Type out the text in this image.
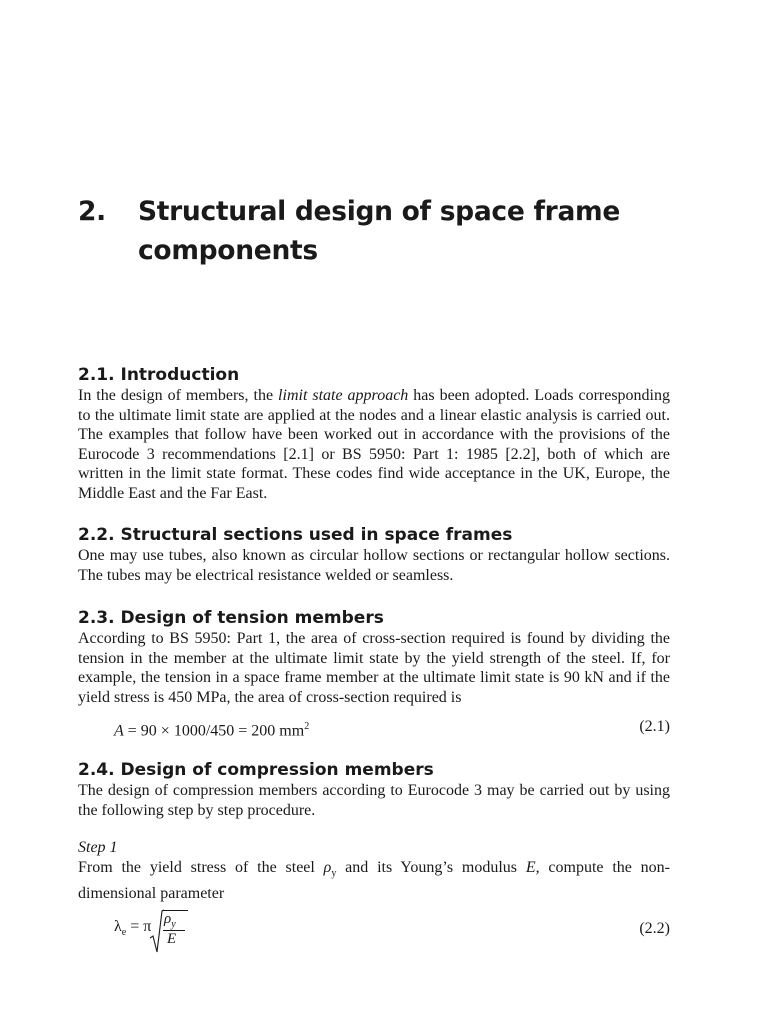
2. Structural design of space frame components
2.1. Introduction

In the design of members, the limit state approach has been adopted. Loads corresponding to the ultimate limit state are applied at the nodes and a linear elastic analysis is carried out. The examples that follow have been worked out in accordance with the provisions of the Eurocode 3 recommendations [2.1] or BS 5950: Part 1: 1985 [2.2], both of which are written in the limit state format. These codes find wide acceptance in the UK, Europe, the Middle East and the Far East.

2.2. Structural sections used in space frames

One may use tubes, also known as circular hollow sections or rectangular hollow sections. The tubes may be electrical resistance welded or seamless.

2.3. Design of tension members

According to BS 5950: Part 1, the area of cross-section required is found by dividing the tension in the member at the ultimate limit state by the yield strength of the steel. If, for example, the tension in a space frame member at the ultimate limit state is 90 kN and if the yield stress is 450 MPa, the area of cross-section required is

A = 90 × 1000/450 = 200 $mm^2$	(2.1)
2.4. Design of compression members

The design of compression members according to Eurocode 3 may be carried out by using the following step by step procedure.

Step 1

From the yield stress of the steel $\rho_y$ and its Young’s modulus E, compute the non-dimensional parameter

$\lambda_e = \pi$ $\rho_y$
E
(2.2)
